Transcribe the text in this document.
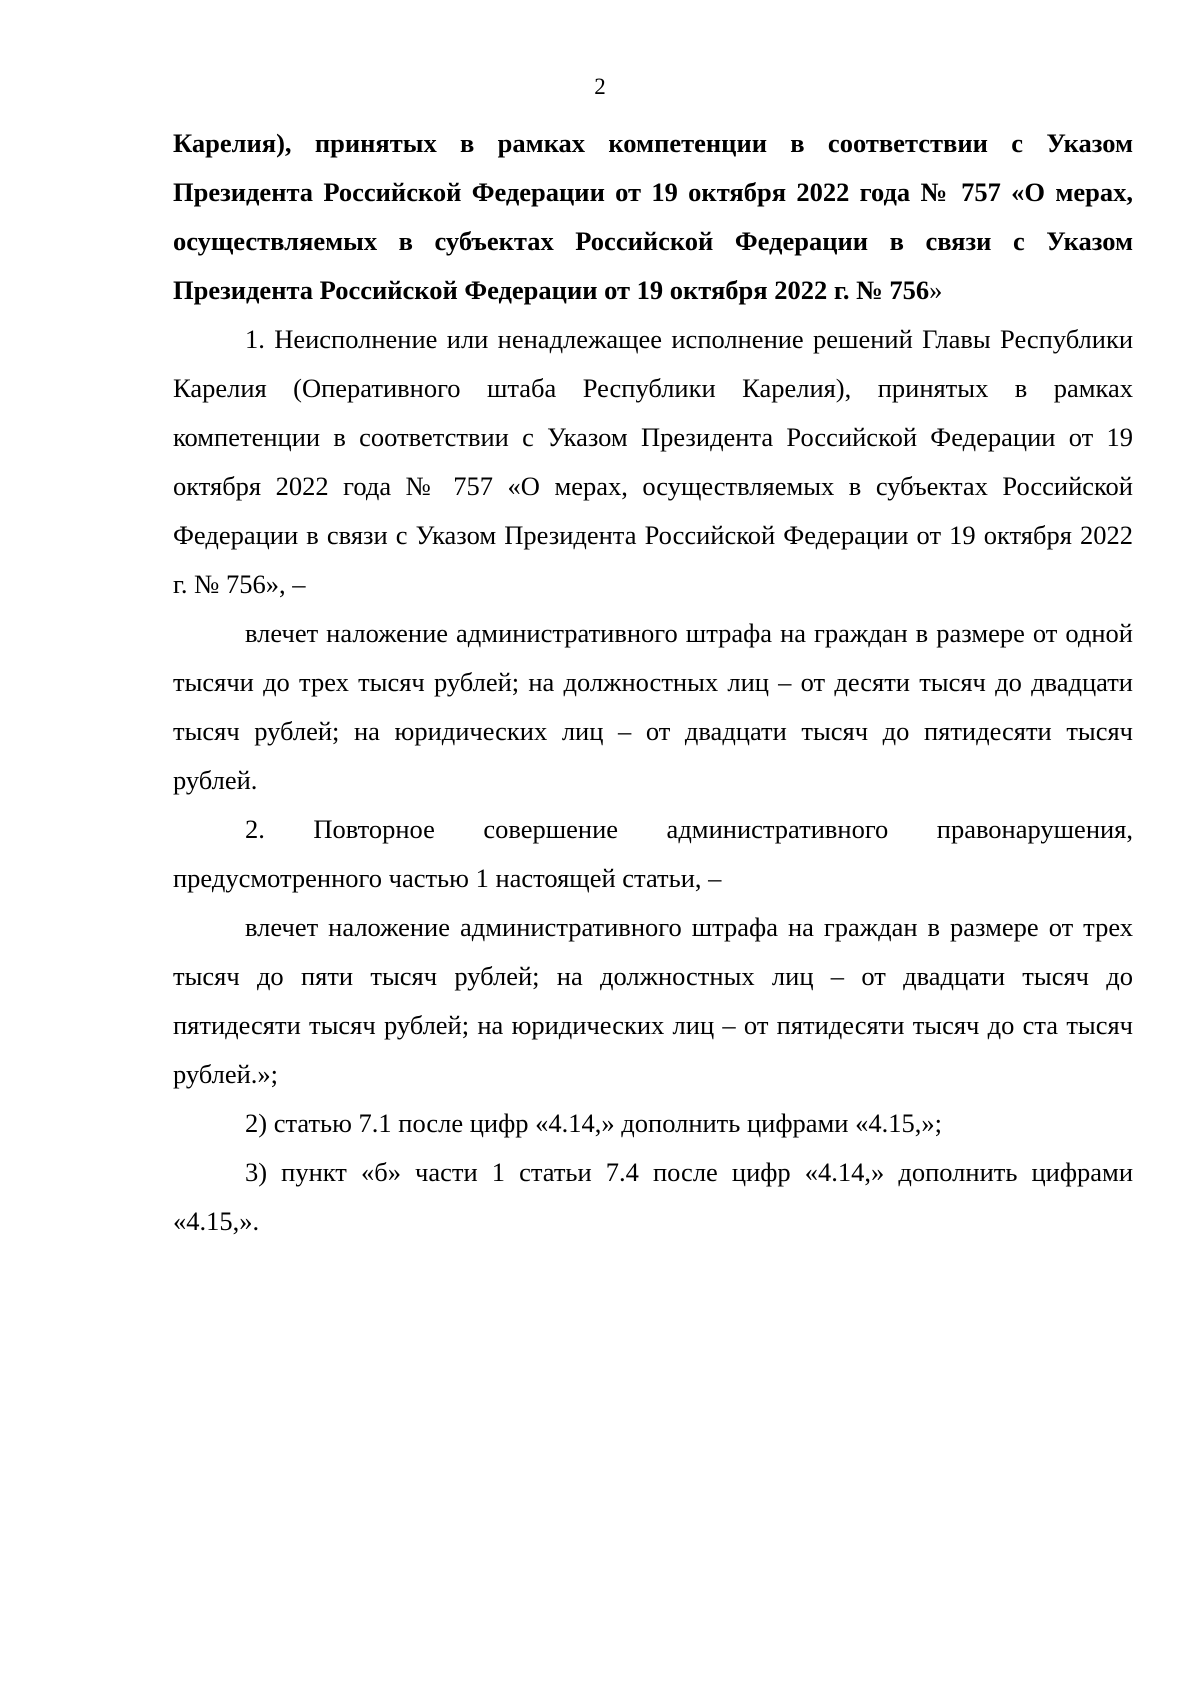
2

Карелия), принятых в рамках компетенции в соответствии с Указом Президента Российской Федерации от 19 октября 2022 года № 757 «О мерах, осуществляемых в субъектах Российской Федерации в связи с Указом Президента Российской Федерации от 19 октября 2022 г. № 756»

1. Неисполнение или ненадлежащее исполнение решений Главы Республики Карелия (Оперативного штаба Республики Карелия), принятых в рамках компетенции в соответствии с Указом Президента Российской Федерации от 19 октября 2022 года № 757 «О мерах, осуществляемых в субъектах Российской Федерации в связи с Указом Президента Российской Федерации от 19 октября 2022 г. № 756», –

влечет наложение административного штрафа на граждан в размере от одной тысячи до трех тысяч рублей; на должностных лиц – от десяти тысяч до двадцати тысяч рублей; на юридических лиц – от двадцати тысяч до пятидесяти тысяч рублей.

2. Повторное совершение административного правонарушения, предусмотренного частью 1 настоящей статьи, –

влечет наложение административного штрафа на граждан в размере от трех тысяч до пяти тысяч рублей; на должностных лиц – от двадцати тысяч до пятидесяти тысяч рублей; на юридических лиц – от пятидесяти тысяч до ста тысяч рублей.»;

2) статью 7.1 после цифр «4.14,» дополнить цифрами «4.15,»;

3) пункт «б» части 1 статьи 7.4 после цифр «4.14,» дополнить цифрами «4.15,».
